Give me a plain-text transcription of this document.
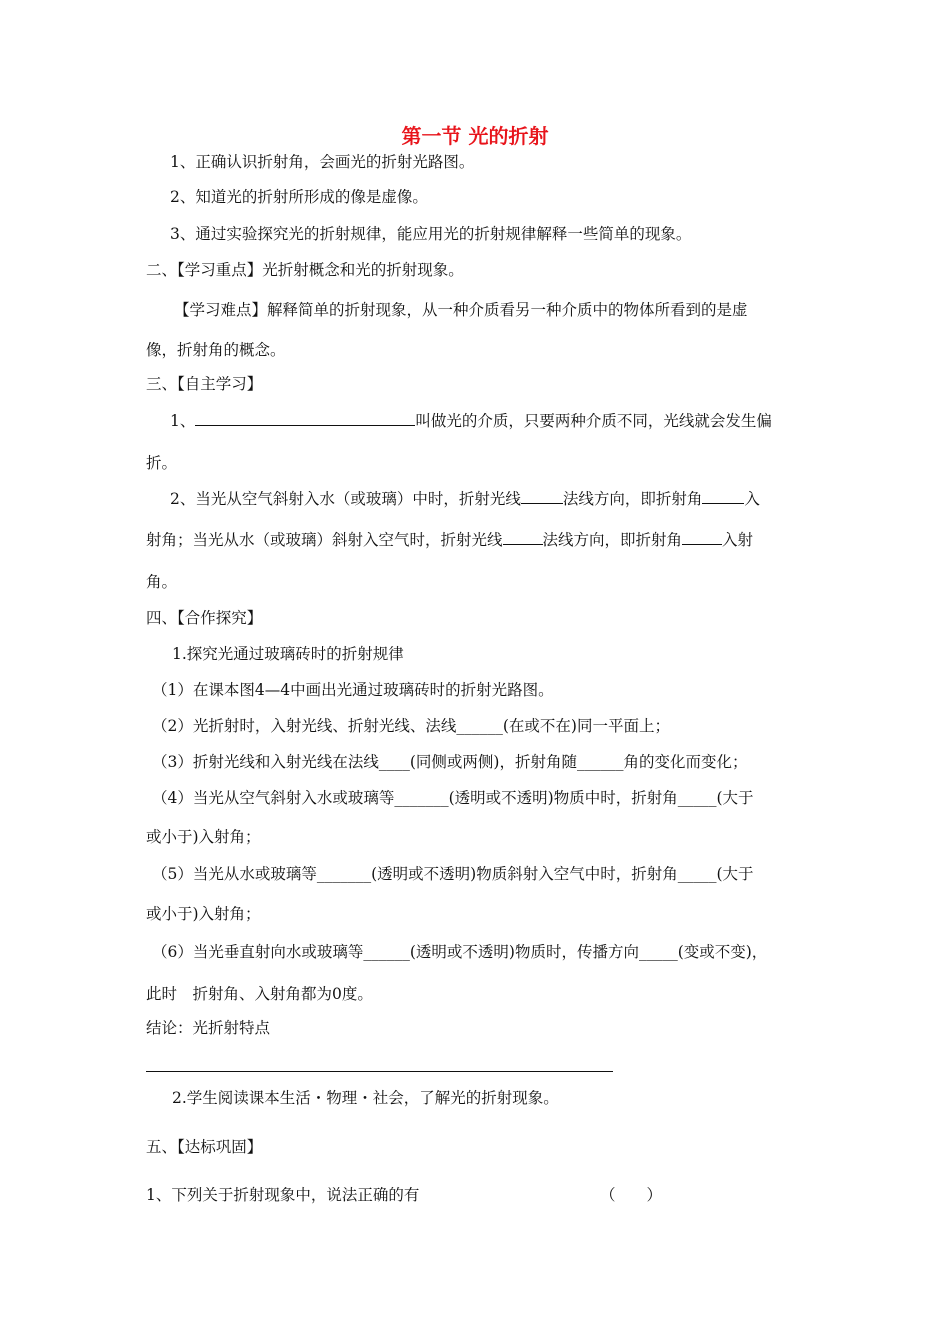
第一节 光的折射
1、正确认识折射角，会画光的折射光路图。
2、知道光的折射所形成的像是虚像。
3、通过实验探究光的折射规律，能应用光的折射规律解释一些简单的现象。
二、【学习重点】光折射概念和光的折射现象。
【学习难点】解释简单的折射现象，从一种介质看另一种介质中的物体所看到的是虚
像，折射角的概念。
三、【自主学习】
1、	叫做光的介质，只要两种介质不同，光线就会发生偏
折。
2、当光从空气斜射入水（或玻璃）中时，折射光线	法线方向，即折射角	入
射角；当光从水（或玻璃）斜射入空气时，折射光线	法线方向，即折射角	入射
角。
四、【合作探究】
1.探究光通过玻璃砖时的折射规律
（1）在课本图4—4中画出光通过玻璃砖时的折射光路图。
（2）光折射时，入射光线、折射光线、法线______(在或不在)同一平面上；
（3）折射光线和入射光线在法线____(同侧或两侧)，折射角随______角的变化而变化；
（4）当光从空气斜射入水或玻璃等_______(透明或不透明)物质中时，折射角_____(大于
或小于)入射角；
（5）当光从水或玻璃等_______(透明或不透明)物质斜射入空气中时，折射角_____(大于
或小于)入射角；
（6）当光垂直射向水或玻璃等______(透明或不透明)物质时，传播方向_____(变或不变)，
此时　折射角、入射角都为0度。
结论：光折射特点
2.学生阅读课本生活・物理・社会，了解光的折射现象。
五、【达标巩固】
1、下列关于折射现象中，说法正确的有	（　　）
